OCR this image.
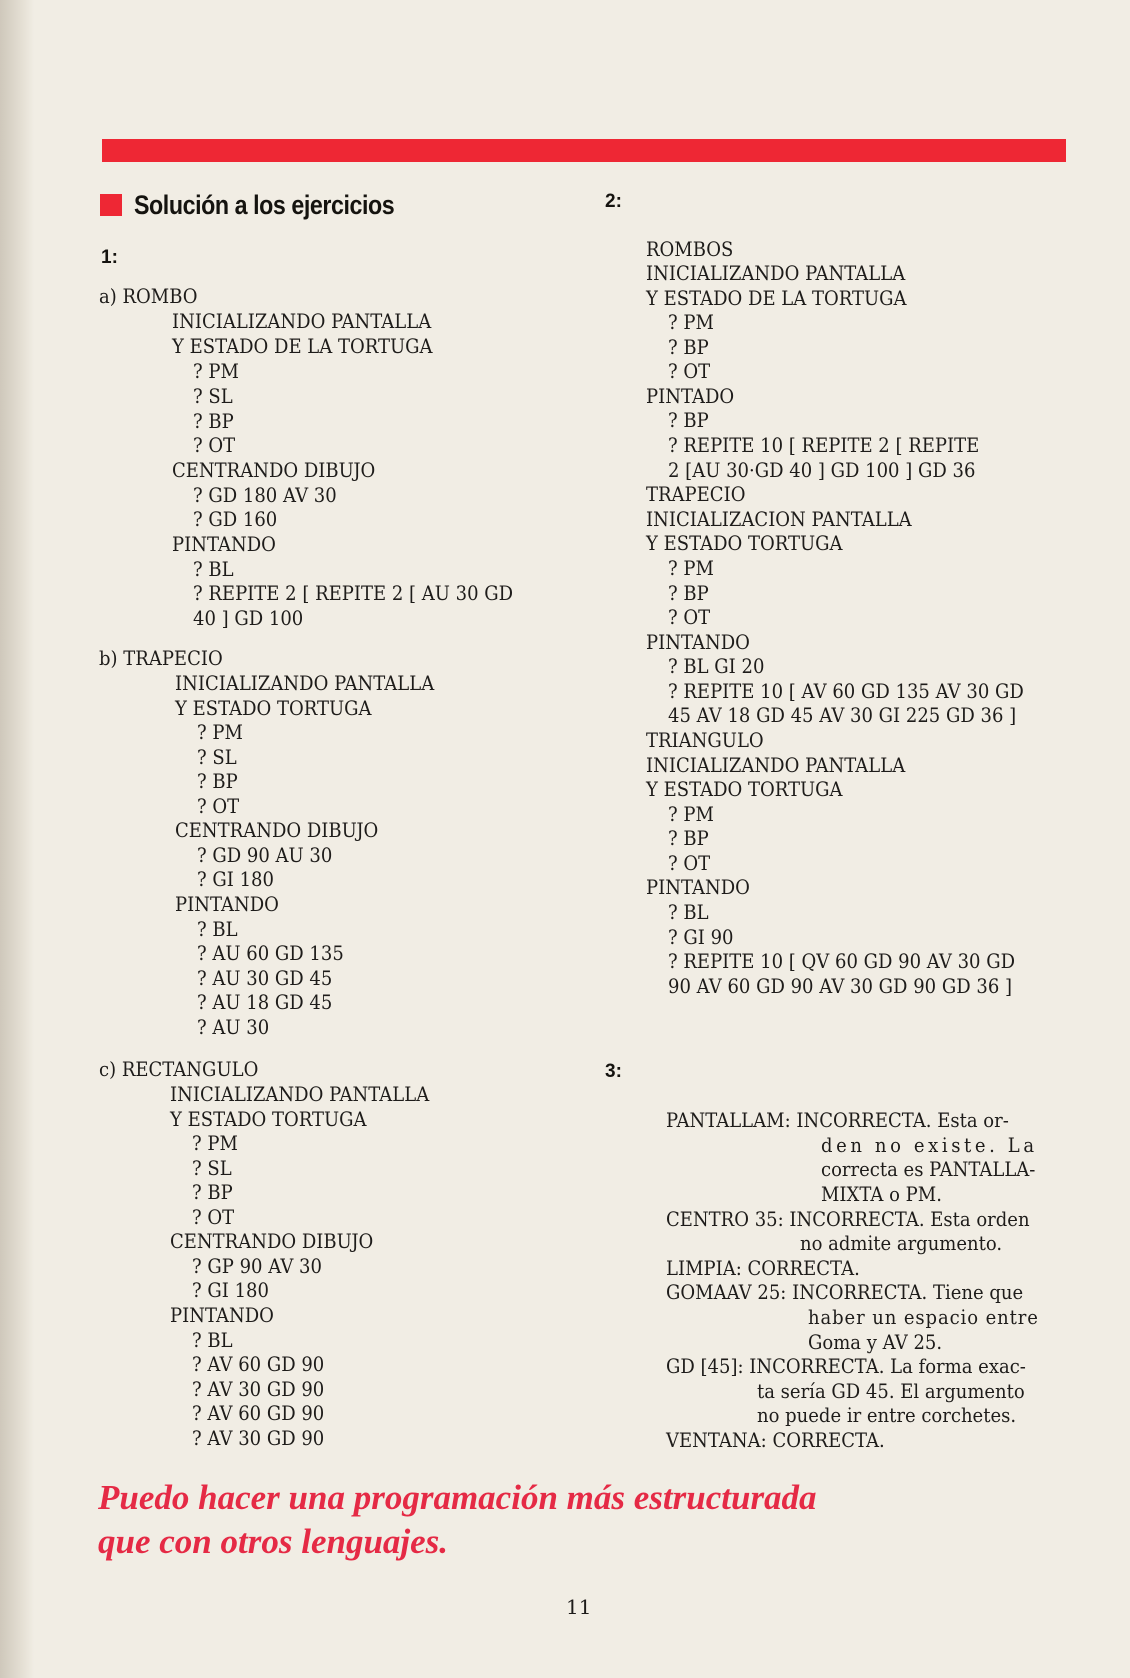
Solución a los ejercicios
1:
2:
3:
a) ROMBO
INICIALIZANDO PANTALLA
Y ESTADO DE LA TORTUGA
? PM
? SL
? BP
? OT
CENTRANDO DIBUJO
? GD 180 AV 30
? GD 160
PINTANDO
? BL
? REPITE 2 [ REPITE 2 [ AU 30 GD
40 ] GD 100
b) TRAPECIO
INICIALIZANDO PANTALLA
Y ESTADO TORTUGA
? PM
? SL
? BP
? OT
CENTRANDO DIBUJO
? GD 90 AU 30
? GI 180
PINTANDO
? BL
? AU 60 GD 135
? AU 30 GD 45
? AU 18 GD 45
? AU 30
c) RECTANGULO
INICIALIZANDO PANTALLA
Y ESTADO TORTUGA
? PM
? SL
? BP
? OT
CENTRANDO DIBUJO
? GP 90 AV 30
? GI 180
PINTANDO
? BL
? AV 60 GD 90
? AV 30 GD 90
? AV 60 GD 90
? AV 30 GD 90
ROMBOS
INICIALIZANDO PANTALLA
Y ESTADO DE LA TORTUGA
? PM
? BP
? OT
PINTADO
? BP
? REPITE 10 [ REPITE 2 [ REPITE
2 [AU 30·GD 40 ] GD 100 ] GD 36
TRAPECIO
INICIALIZACION PANTALLA
Y ESTADO TORTUGA
? PM
? BP
? OT
PINTANDO
? BL GI 20
? REPITE 10 [ AV 60 GD 135 AV 30 GD
45 AV 18 GD 45 AV 30 GI 225 GD 36 ]
TRIANGULO
INICIALIZANDO PANTALLA
Y ESTADO TORTUGA
? PM
? BP
? OT
PINTANDO
? BL
? GI 90
? REPITE 10 [ QV 60 GD 90 AV 30 GD
90 AV 60 GD 90 AV 30 GD 90 GD 36 ]
PANTALLAM: INCORRECTA. Esta or-
den no existe. La
correcta es PANTALLA-
MIXTA o PM.
CENTRO 35: INCORRECTA. Esta orden
no admite argumento.
LIMPIA: CORRECTA.
GOMAAV 25: INCORRECTA. Tiene que
haber un espacio entre
Goma y AV 25.
GD [45]: INCORRECTA. La forma exac-
ta sería GD 45. El argumento
no puede ir entre corchetes.
VENTANA: CORRECTA.
Puedo hacer una programación más estructurada
que con otros lenguajes.
11
